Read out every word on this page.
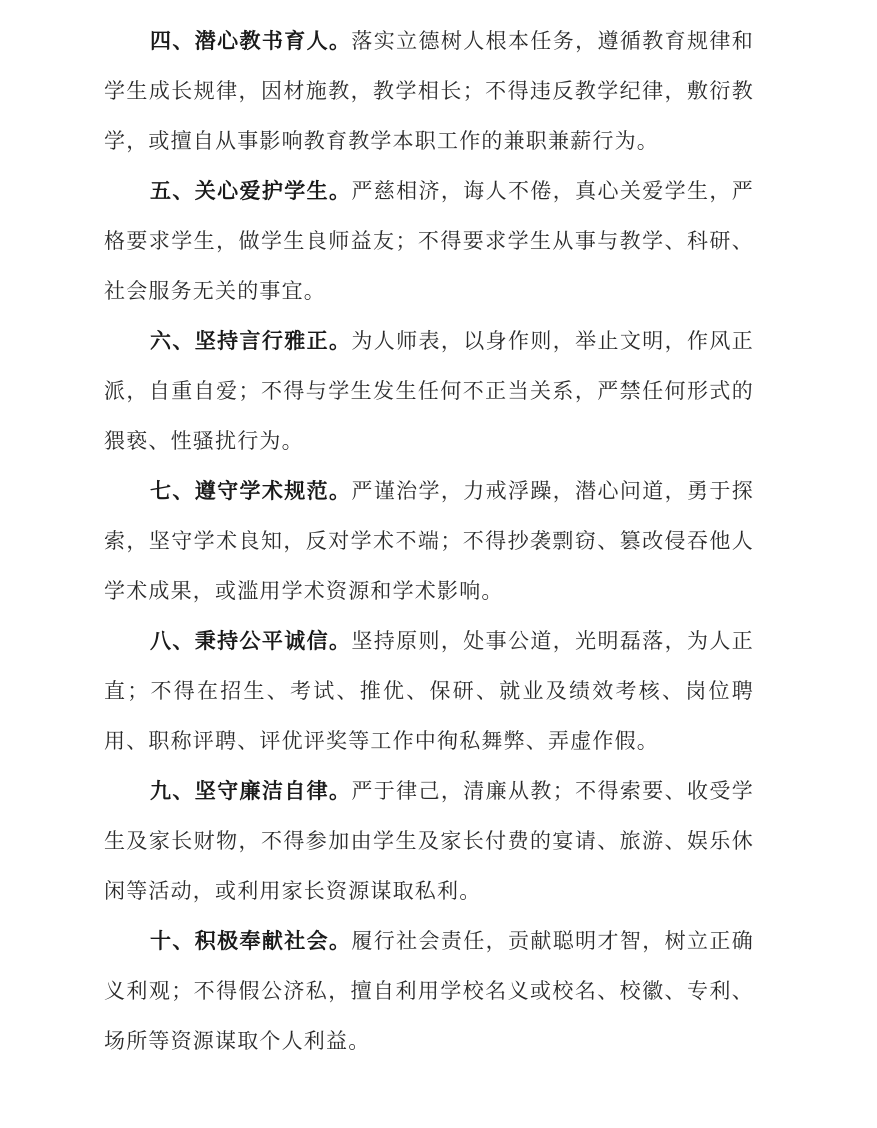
四、潜心教书育人。落实立德树人根本任务，遵循教育规律和学生成长规律，因材施教，教学相长；不得违反教学纪律，敷衍教学，或擅自从事影响教育教学本职工作的兼职兼薪行为。

五、关心爱护学生。严慈相济，诲人不倦，真心关爱学生，严格要求学生，做学生良师益友；不得要求学生从事与教学、科研、社会服务无关的事宜。

六、坚持言行雅正。为人师表，以身作则，举止文明，作风正派，自重自爱；不得与学生发生任何不正当关系，严禁任何形式的猥亵、性骚扰行为。

七、遵守学术规范。严谨治学，力戒浮躁，潜心问道，勇于探索，坚守学术良知，反对学术不端；不得抄袭剽窃、篡改侵吞他人学术成果，或滥用学术资源和学术影响。

八、秉持公平诚信。坚持原则，处事公道，光明磊落，为人正直；不得在招生、考试、推优、保研、就业及绩效考核、岗位聘用、职称评聘、评优评奖等工作中徇私舞弊、弄虚作假。

九、坚守廉洁自律。严于律己，清廉从教；不得索要、收受学生及家长财物，不得参加由学生及家长付费的宴请、旅游、娱乐休闲等活动，或利用家长资源谋取私利。

十、积极奉献社会。履行社会责任，贡献聪明才智，树立正确义利观；不得假公济私，擅自利用学校名义或校名、校徽、专利、场所等资源谋取个人利益。
